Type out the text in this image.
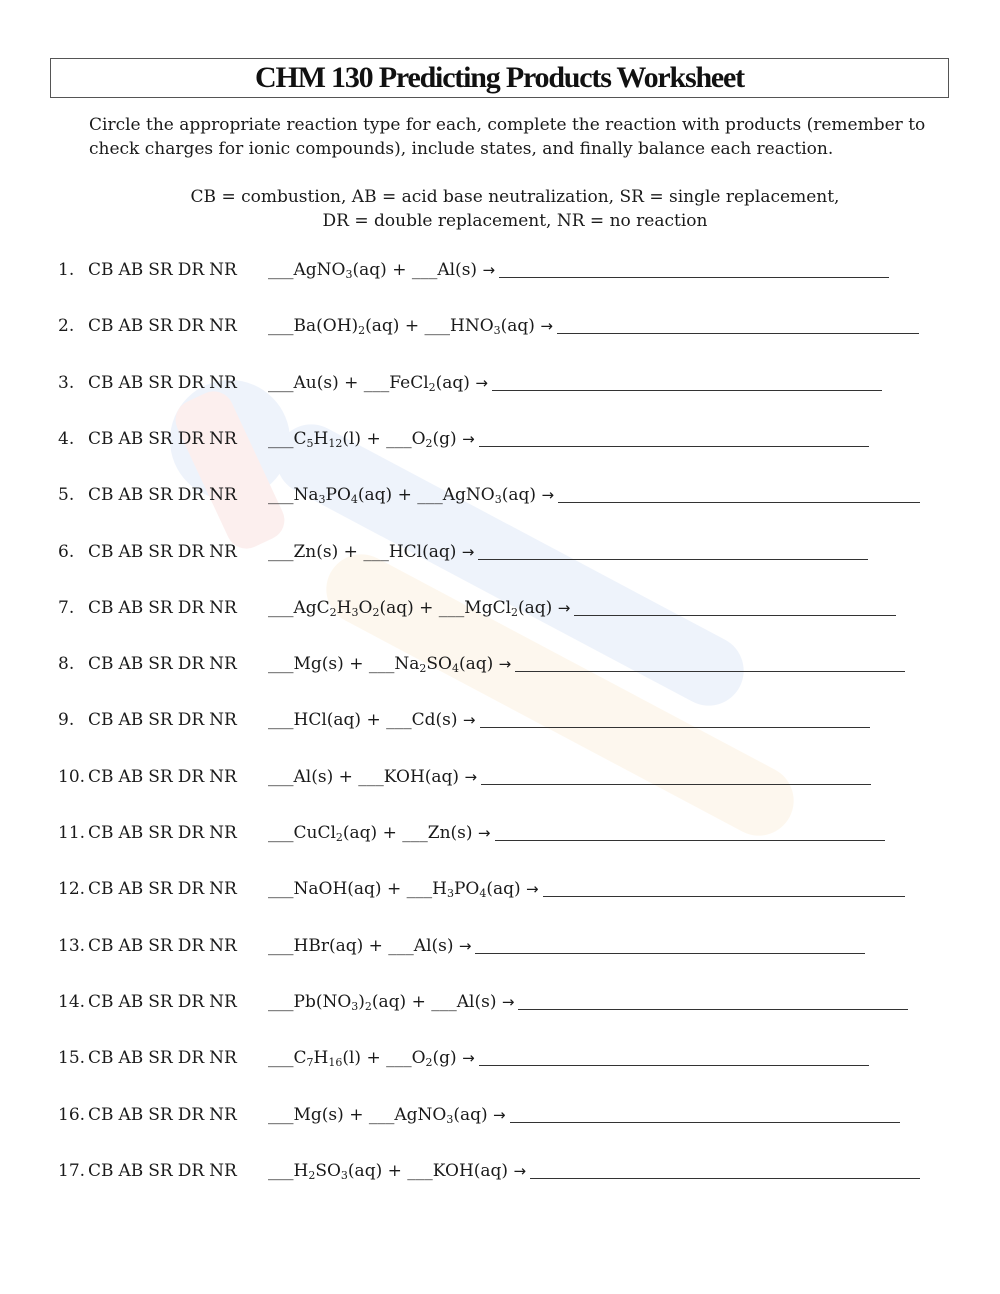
CHM 130 Predicting Products Worksheet
Circle the appropriate reaction type for each, complete the reaction with products (remember to check charges for ionic compounds), include states, and finally balance each reaction.
CB = combustion, AB = acid base neutralization, SR = single replacement,
DR = double replacement, NR = no reaction
1. CB AB SR DR NR ___AgNO$_3$(aq) + ___Al(s) →
2. CB AB SR DR NR $\_\_\_Ba(OH)_2(aq)$ + $\_\_\_HNO_3(aq)$ →
3. CB AB SR DR NR ___Au(s) + ___FeCl$_2$(aq) →
4. CB AB SR DR NR $\_\_\_C_5H_{12}(l)$ + $\_\_\_O_2(g)$ →
5. CB AB SR DR NR $\_\_\_Na_3PO_4(aq)$ + ___AgNO$_3$(aq) →
6. CB AB SR DR NR ___Zn(s) + ___HCl(aq) →
7. CB AB SR DR NR $\_\_\_AgC_2H_3O_2(aq)$ + ___MgCl$_2$(aq) →
8. CB AB SR DR NR ___Mg(s) + $\_\_\_Na_2SO_4(aq)$ →
9. CB AB SR DR NR ___HCl(aq) + ___Cd(s) →
10. CB AB SR DR NR ___Al(s) + ___KOH(aq) →
11. CB AB SR DR NR ___CuCl$_2$(aq) + ___Zn(s) →
12. CB AB SR DR NR ___NaOH(aq) + $\_\_\_H_3PO_4(aq)$ →
13. CB AB SR DR NR ___HBr(aq) + ___Al(s) →
14. CB AB SR DR NR $\_\_\_Pb(NO_3)_2(aq)$ + ___Al(s) →
15. CB AB SR DR NR $\_\_\_C_7H_{16}(l)$ + $\_\_\_O_2(g)$ →
16. CB AB SR DR NR ___Mg(s) + ___AgNO$_3$(aq) →
17. CB AB SR DR NR $\_\_\_H_2SO_3(aq)$ + ___KOH(aq) →
